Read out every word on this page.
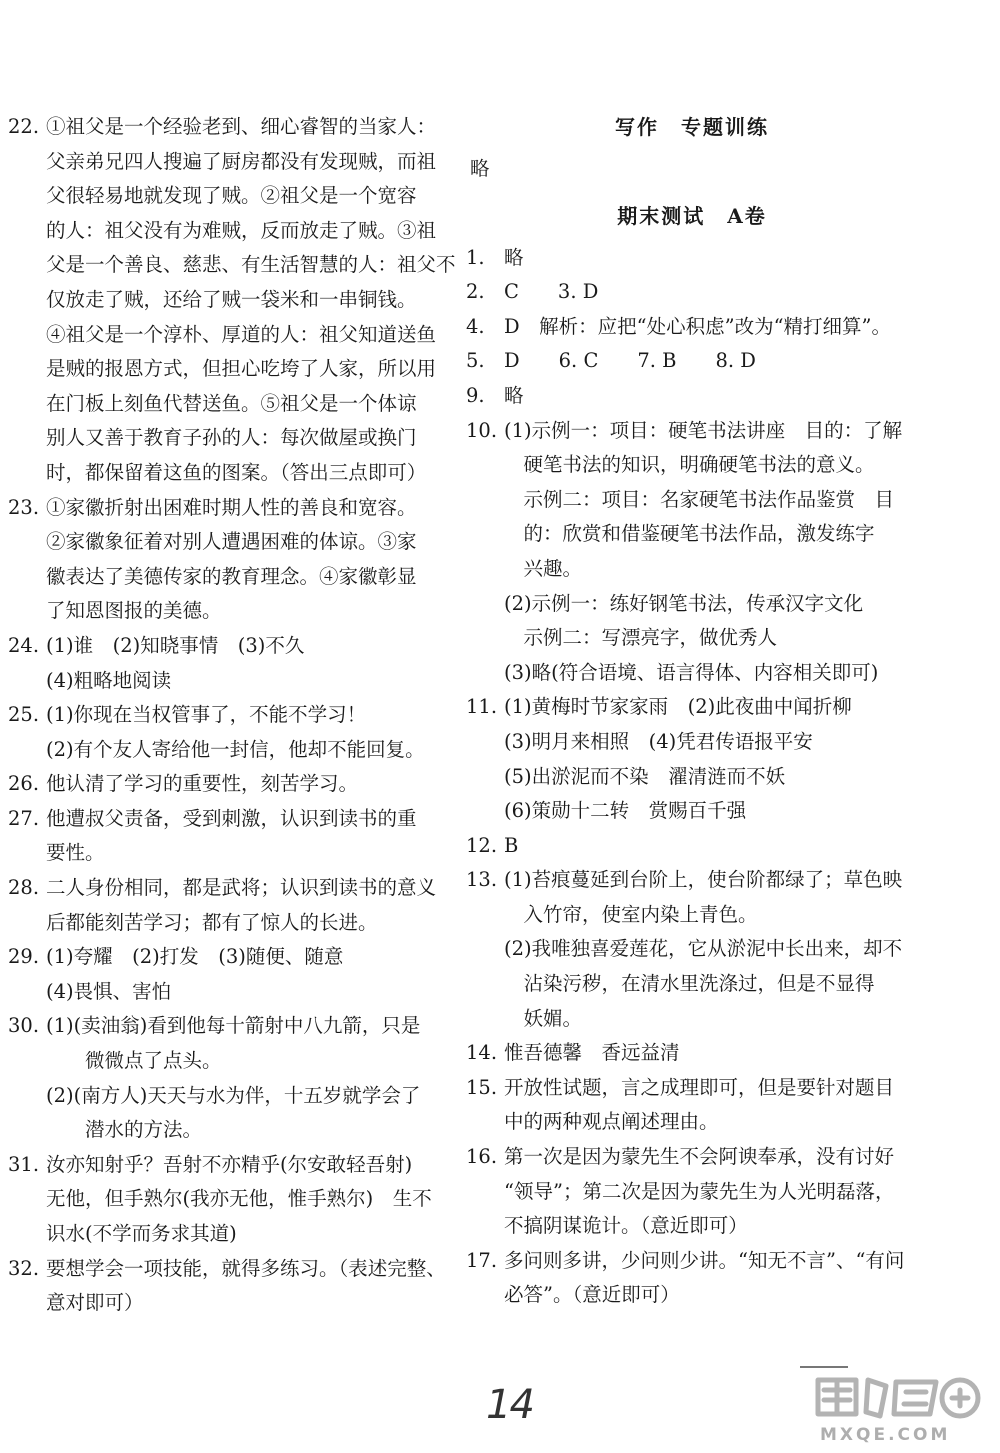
22. ①祖父是一个经验老到、细心睿智的当家人：
父亲弟兄四人搜遍了厨房都没有发现贼，而祖
父很轻易地就发现了贼。②祖父是一个宽容
的人：祖父没有为难贼，反而放走了贼。③祖
父是一个善良、慈悲、有生活智慧的人：祖父不
仅放走了贼，还给了贼一袋米和一串铜钱。
④祖父是一个淳朴、厚道的人：祖父知道送鱼
是贼的报恩方式，但担心吃垮了人家，所以用
在门板上刻鱼代替送鱼。⑤祖父是一个体谅
别人又善于教育子孙的人：每次做屋或换门
时，都保留着这鱼的图案。（答出三点即可）
23. ①家徽折射出困难时期人性的善良和宽容。
②家徽象征着对别人遭遇困难的体谅。③家
徽表达了美德传家的教育理念。④家徽彰显
了知恩图报的美德。
24. (1)谁　(2)知晓事情　(3)不久
(4)粗略地阅读
25. (1)你现在当权管事了，不能不学习！
(2)有个友人寄给他一封信，他却不能回复。
26. 他认清了学习的重要性，刻苦学习。
27. 他遭叔父责备，受到刺激，认识到读书的重
要性。
28. 二人身份相同，都是武将；认识到读书的意义
后都能刻苦学习；都有了惊人的长进。
29. (1)夸耀　(2)打发　(3)随便、随意
(4)畏惧、害怕
30. (1)(卖油翁)看到他每十箭射中八九箭，只是
　　微微点了点头。
(2)(南方人)天天与水为伴，十五岁就学会了
　　潜水的方法。
31. 汝亦知射乎？吾射不亦精乎(尔安敢轻吾射)
无他，但手熟尔(我亦无他，惟手熟尔)　生不
识水(不学而务求其道)
32. 要想学会一项技能，就得多练习。（表述完整、
意对即可）
写作　专题训练
略
期末测试　A卷
1. 略
2. C　　3. D
4. D　解析：应把“处心积虑”改为“精打细算”。
5. D　　6. C　　7. B　　8. D
9. 略
10. (1)示例一：项目：硬笔书法讲座　目的：了解
　硬笔书法的知识，明确硬笔书法的意义。
　示例二：项目：名家硬笔书法作品鉴赏　目
　的：欣赏和借鉴硬笔书法作品，激发练字
　兴趣。
(2)示例一：练好钢笔书法，传承汉字文化
　示例二：写漂亮字，做优秀人
(3)略(符合语境、语言得体、内容相关即可)
11. (1)黄梅时节家家雨　(2)此夜曲中闻折柳
(3)明月来相照　(4)凭君传语报平安
(5)出淤泥而不染　濯清涟而不妖
(6)策勋十二转　赏赐百千强
12. B
13. (1)苔痕蔓延到台阶上，使台阶都绿了；草色映
　入竹帘，使室内染上青色。
(2)我唯独喜爱莲花，它从淤泥中长出来，却不
　沾染污秽，在清水里洗涤过，但是不显得
　妖媚。
14. 惟吾德馨　香远益清
15. 开放性试题，言之成理即可，但是要针对题目
中的两种观点阐述理由。
16. 第一次是因为蒙先生不会阿谀奉承，没有讨好
“领导”；第二次是因为蒙先生为人光明磊落，
不搞阴谋诡计。（意近即可）
17. 多问则多讲，少问则少讲。“知无不言”、“有问
必答”。（意近即可）
MXQE.COM
14
